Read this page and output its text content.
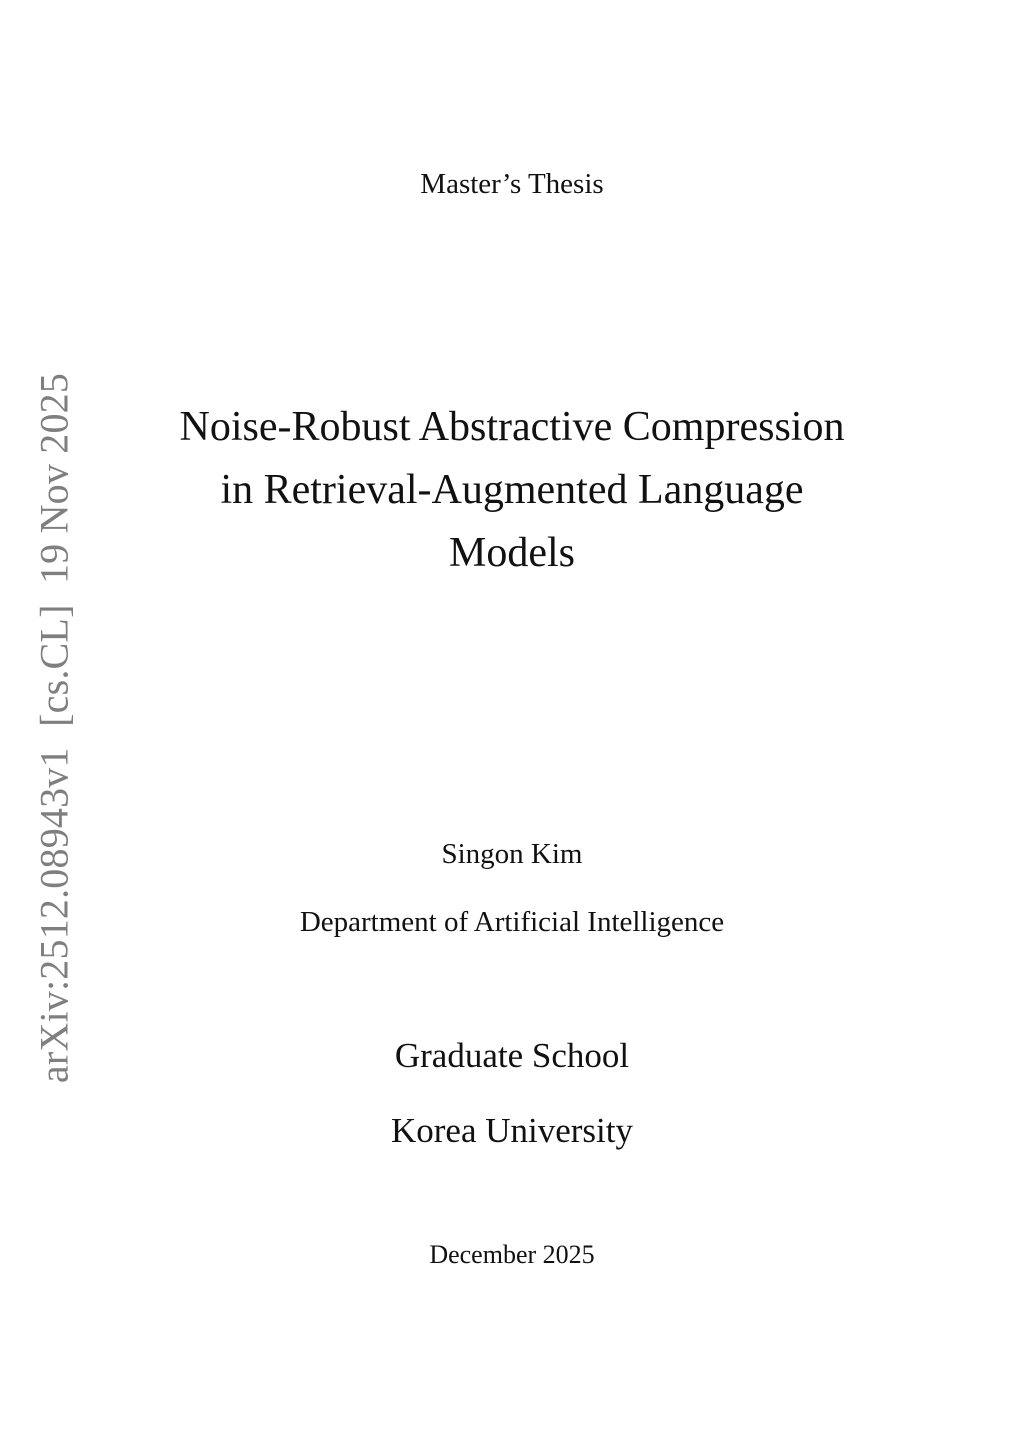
Master’s Thesis
Noise-Robust Abstractive Compression
in Retrieval-Augmented Language
Models
Singon Kim
Department of Artificial Intelligence
Graduate School
Korea University
December 2025
arXiv:2512.08943v1  [cs.CL]  19 Nov 2025
